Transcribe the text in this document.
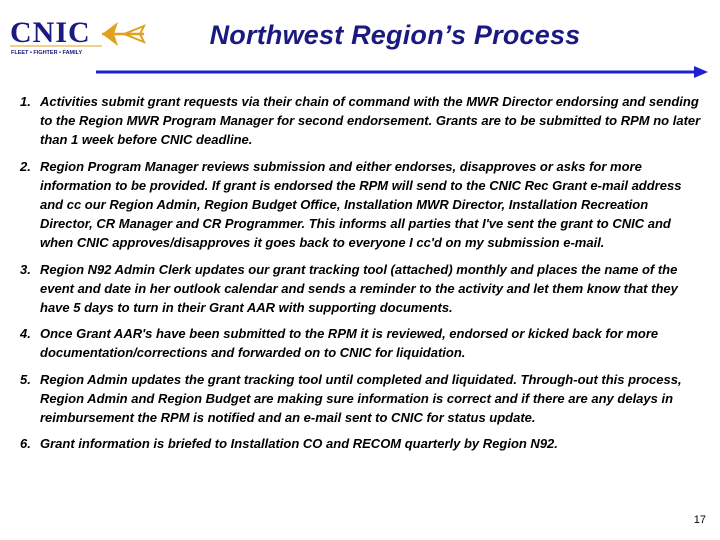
CNIC
FLEET • FIGHTER • FAMILY
Northwest Region’s Process
1. Activities submit grant requests via their chain of command with the MWR Director endorsing and sending to the Region MWR Program Manager for second endorsement. Grants are to be submitted to RPM no later than 1 week before CNIC deadline.
2. Region Program Manager reviews submission and either endorses, disapproves or asks for more information to be provided. If grant is endorsed the RPM will send to the CNIC Rec Grant e-mail address and cc our Region Admin, Region Budget Office, Installation MWR Director, Installation Recreation Director, CR Manager and CR Programmer. This informs all parties that I've sent the grant to CNIC and when CNIC approves/disapproves it goes back to everyone I cc'd on my submission e-mail.
3. Region N92 Admin Clerk updates our grant tracking tool (attached) monthly and places the name of the event and date in her outlook calendar and sends a reminder to the activity and let them know that they have 5 days to turn in their Grant AAR with supporting documents.
4. Once Grant AAR's have been submitted to the RPM it is reviewed, endorsed or kicked back for more documentation/corrections and forwarded on to CNIC for liquidation.
5. Region Admin updates the grant tracking tool until completed and liquidated. Through-out this process, Region Admin and Region Budget are making sure information is correct and if there are any delays in reimbursement the RPM is notified and an e-mail sent to CNIC for status update.
6. Grant information is briefed to Installation CO and RECOM quarterly by Region N92.
17
